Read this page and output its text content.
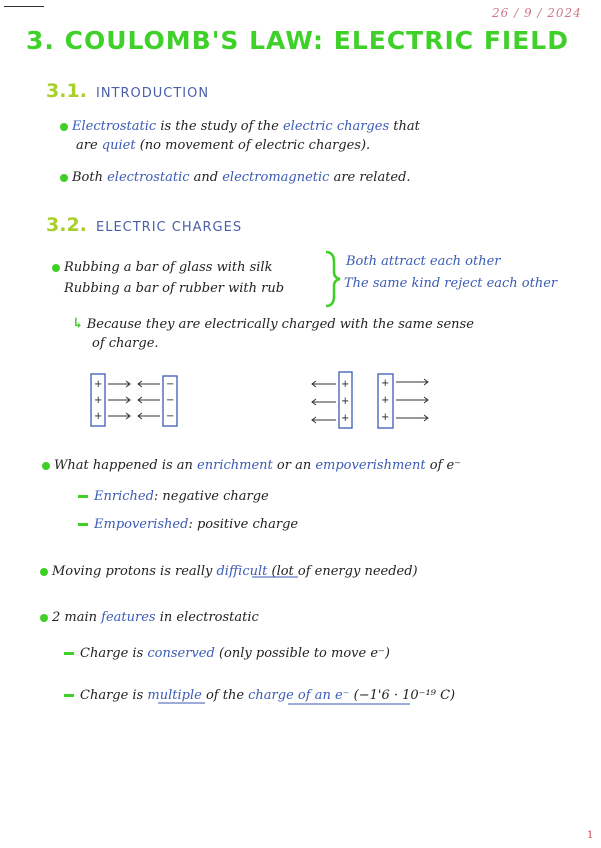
26 / 9 / 2024
3. COULOMB'S LAW: ELECTRIC FIELD
3.1. INTRODUCTION
Electrostatic is the study of the electric charges that
are quiet (no movement of electric charges).
Both electrostatic and electromagnetic are related.
3.2. ELECTRIC CHARGES
Rubbing a bar of glass with silk
Rubbing a bar of rubber with rub
Both attract each other
The same kind reject each other
↳ Because they are electrically charged with the same sense
of charge.
+
+
+
−
−
−
+
+
+
+
+
+
What happened is an enrichment or an empoverishment of e⁻
Enriched: negative charge
Empoverished: positive charge
Moving protons is really difficult (lot of energy needed)
2 main features in electrostatic
Charge is conserved (only possible to move e⁻)
Charge is multiple of the charge of an e⁻ (−1'6 · 10⁻¹⁹ C)
1
